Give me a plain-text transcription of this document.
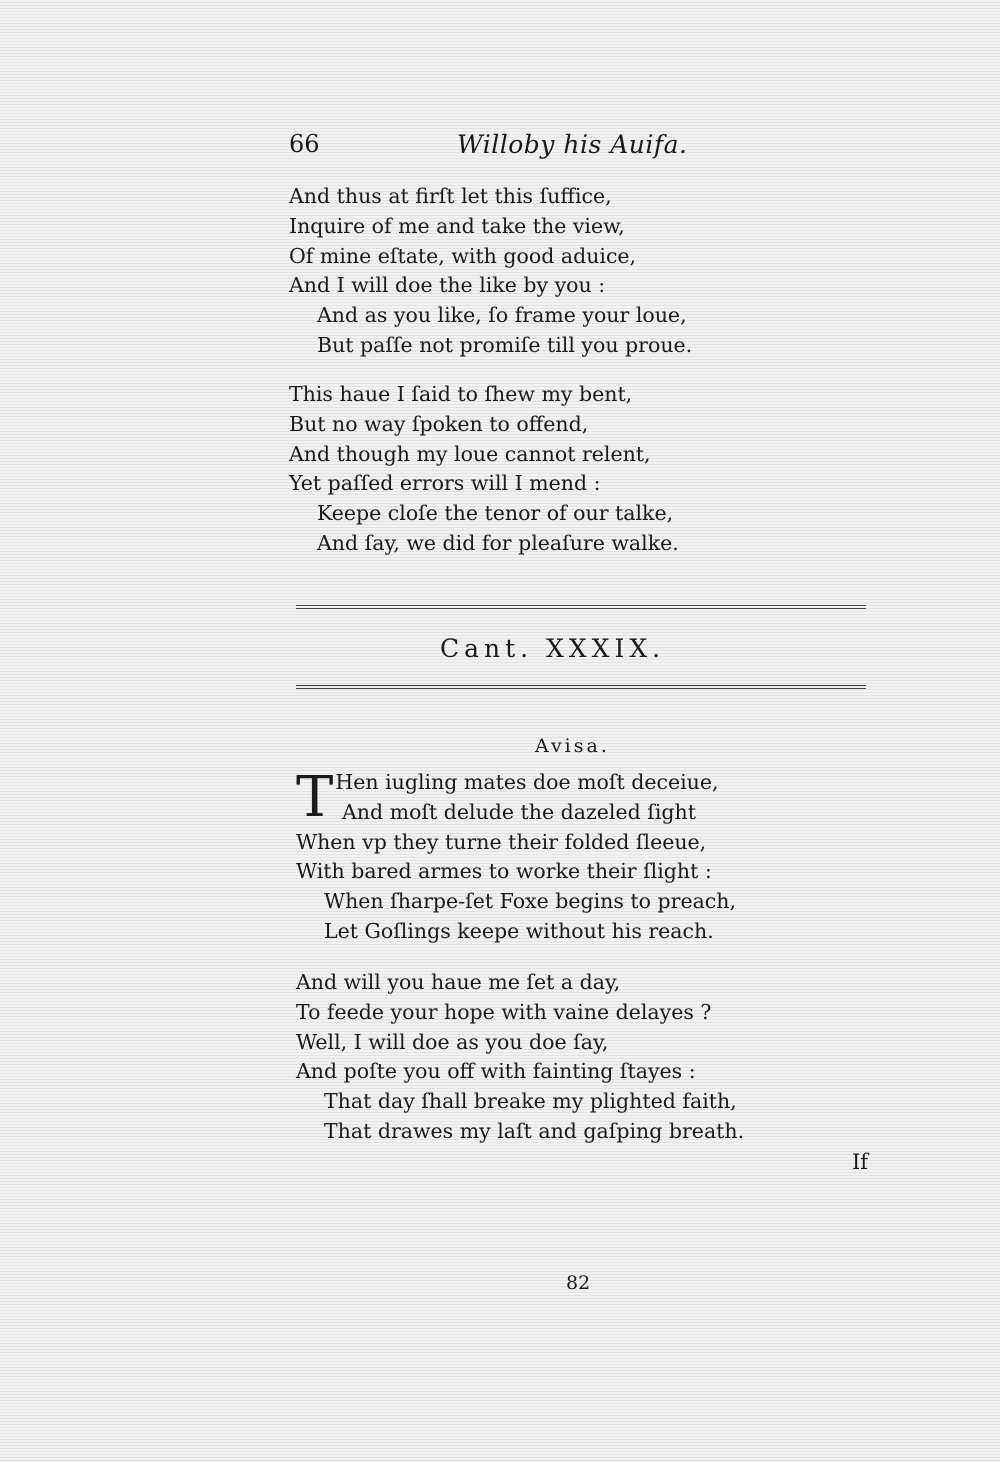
66	Willoby his Auifa.
And thus at firſt let this ſuffice,
Inquire of me and take the view,
Of mine eſtate, with good aduice,
And I will doe the like by you :
And as you like, ſo frame your loue,
But paſſe not promiſe till you proue.
This haue I ſaid to ſhew my bent,
But no way ſpoken to offend,
And though my loue cannot relent,
Yet paſſed errors will I mend :
Keepe cloſe the tenor of our talke,
And ſay, we did for pleaſure walke.
Cant. XXXIX.
Avisa.
T Hen iugling mates doe moſt deceiue,
And moſt delude the dazeled ſight
When vp they turne their folded ſleeue,
With bared armes to worke their ſlight :
When ſharpe-ſet Foxe begins to preach,
Let Goſlings keepe without his reach.
And will you haue me ſet a day,
To feede your hope with vaine delayes ?
Well, I will doe as you doe ſay,
And poſte you off with fainting ſtayes :
That day ſhall breake my plighted faith,
That drawes my laſt and gaſping breath.
If
82
